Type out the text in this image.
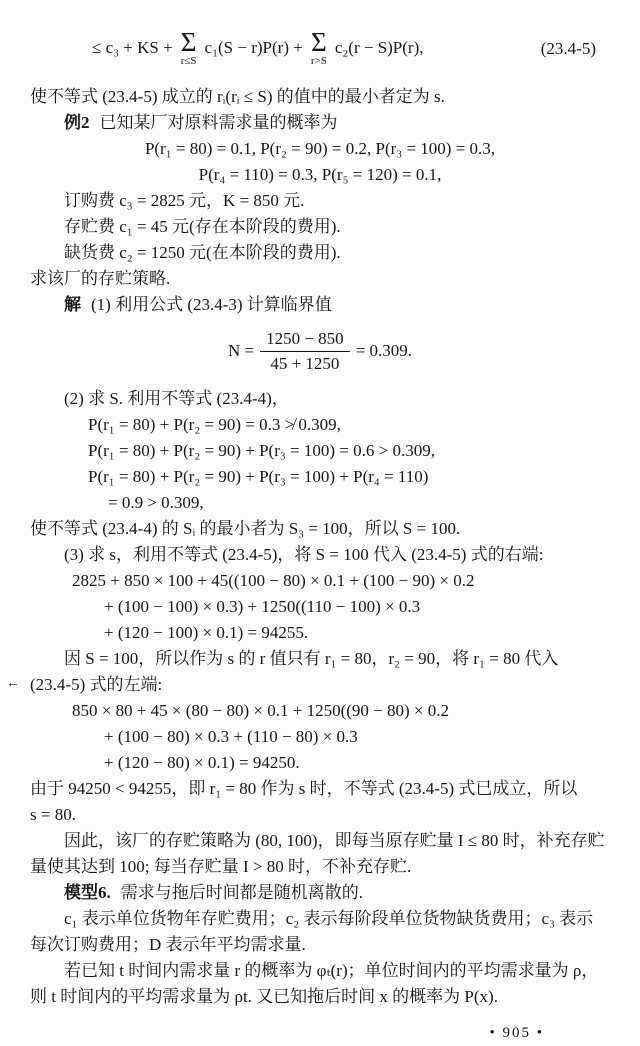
≤ c₃ + KS + Σ
r≤S
c₁(S − r)P(r) + Σ
r>S
c₂(r − S)P(r),	(23.4-5)
使不等式 (23.4-5) 成立的 rᵢ(rᵢ ≤ S) 的值中的最小者定为 s.
例2 已知某厂对原料需求量的概率为
P(r₁ = 80) = 0.1, P(r₂ = 90) = 0.2, P(r₃ = 100) = 0.3,
P(r₄ = 110) = 0.3, P(r₅ = 120) = 0.1,
订购费 c₃ = 2825 元，K = 850 元.
存贮费 c₁ = 45 元(存在本阶段的费用).
缺货费 c₂ = 1250 元(在本阶段的费用).
求该厂的存贮策略.
解 (1) 利用公式 (23.4-3) 计算临界值
$N = \frac{1250 - 850}{45 + 1250} = 0.309$.
(2) 求 S. 利用不等式 (23.4-4)，
P(r₁ = 80) + P(r₂ = 90) = 0.3 ≯ 0.309,
P(r₁ = 80) + P(r₂ = 90) + P(r₃ = 100) = 0.6 > 0.309,
P(r₁ = 80) + P(r₂ = 90) + P(r₃ = 100) + P(r₄ = 110)
= 0.9 > 0.309,
使不等式 (23.4-4) 的 Sᵢ 的最小者为 S₃ = 100，所以 S = 100.
(3) 求 s，利用不等式 (23.4-5)，将 S = 100 代入 (23.4-5) 式的右端:
2825 + 850 × 100 + 45((100 − 80) × 0.1 + (100 − 90) × 0.2
+ (100 − 100) × 0.3) + 1250((110 − 100) × 0.3
+ (120 − 100) × 0.1) = 94255.
因 S = 100，所以作为 s 的 r 值只有 r₁ = 80，r₂ = 90，将 r₁ = 80 代入
← (23.4-5) 式的左端:
850 × 80 + 45 × (80 − 80) × 0.1 + 1250((90 − 80) × 0.2
+ (100 − 80) × 0.3 + (110 − 80) × 0.3
+ (120 − 80) × 0.1) = 94250.
由于 94250 < 94255，即 r₁ = 80 作为 s 时，不等式 (23.4-5) 式已成立，所以
s = 80.
因此，该厂的存贮策略为 (80, 100)，即每当原存贮量 I ≤ 80 时，补充存贮
量使其达到 100; 每当存贮量 I > 80 时，不补充存贮.
模型6. 需求与拖后时间都是随机离散的.
c₁ 表示单位货物年存贮费用；c₂ 表示每阶段单位货物缺货费用；c₃ 表示
每次订购费用；D 表示年平均需求量.
若已知 t 时间内需求量 r 的概率为 φₜ(r)；单位时间内的平均需求量为 ρ，
则 t 时间内的平均需求量为 ρt. 又已知拖后时间 x 的概率为 P(x).
• 905 •
